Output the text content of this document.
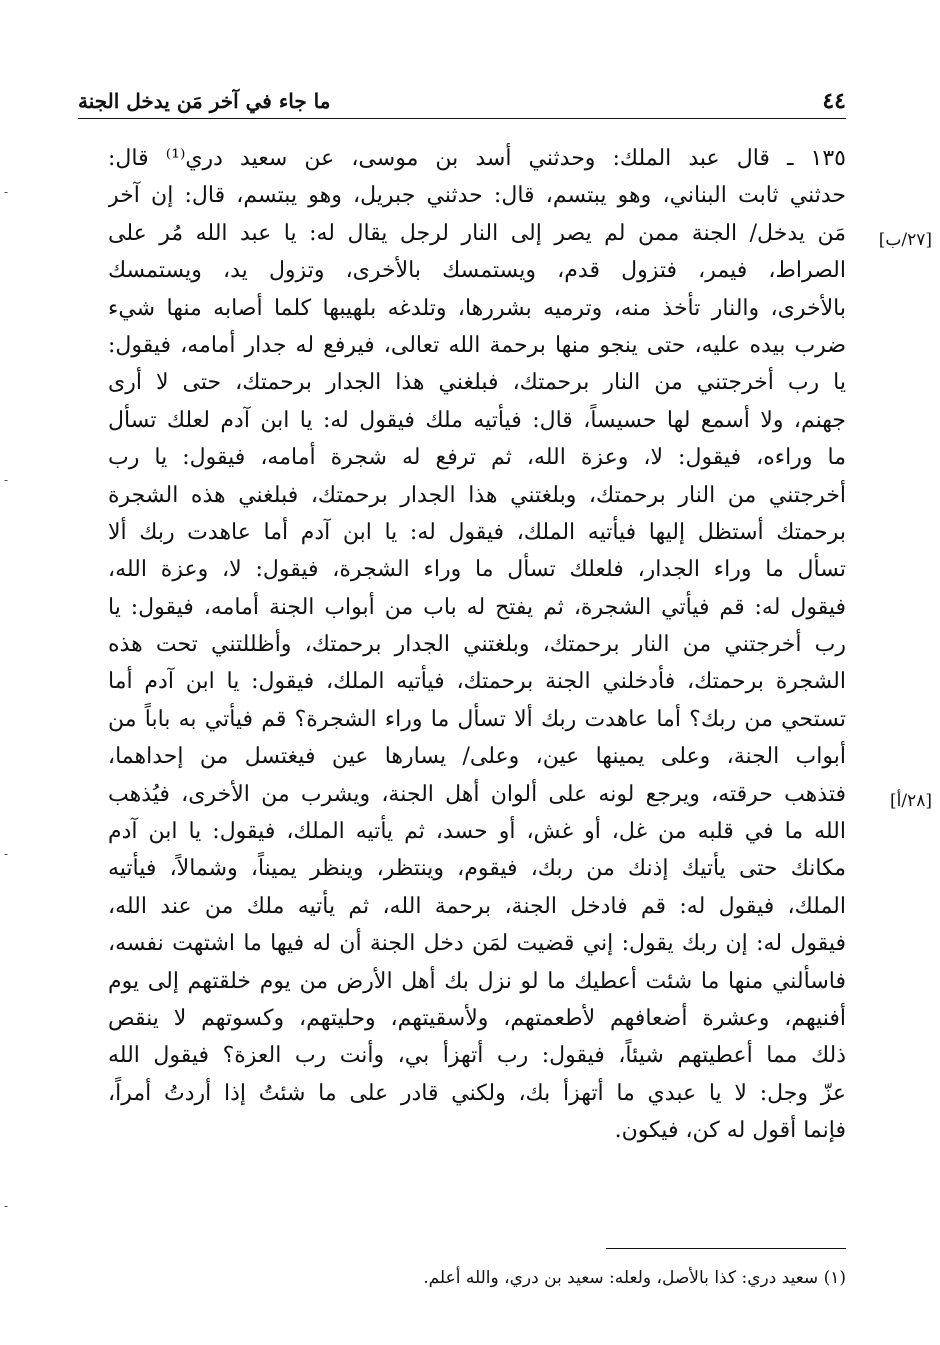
٤٤
ما جاء في آخر مَن يدخل الجنة
١٣٥ ـ قال عبد الملك: وحدثني أسد بن موسى، عن سعيد دري⁽¹⁾ قال:
حدثني ثابت البناني، وهو يبتسم، قال: حدثني جبريل، وهو يبتسم، قال: إن آخر
مَن يدخل/ الجنة ممن لم يصر إلى النار لرجل يقال له: يا عبد الله مُر على
الصراط، فيمر، فتزول قدم، ويستمسك بالأخرى، وتزول يد، ويستمسك
بالأخرى، والنار تأخذ منه، وترميه بشررها، وتلدغه بلهيبها كلما أصابه منها شيء
ضرب بيده عليه، حتى ينجو منها برحمة الله تعالى، فيرفع له جدار أمامه، فيقول:
يا رب أخرجتني من النار برحمتك، فبلغني هذا الجدار برحمتك، حتى لا أرى
جهنم، ولا أسمع لها حسيساً، قال: فيأتيه ملك فيقول له: يا ابن آدم لعلك تسأل
ما وراءه، فيقول: لا، وعزة الله، ثم ترفع له شجرة أمامه، فيقول: يا رب
أخرجتني من النار برحمتك، وبلغتني هذا الجدار برحمتك، فبلغني هذه الشجرة
برحمتك أستظل إليها فيأتيه الملك، فيقول له: يا ابن آدم أما عاهدت ربك ألا
تسأل ما وراء الجدار، فلعلك تسأل ما وراء الشجرة، فيقول: لا، وعزة الله،
فيقول له: قم فيأتي الشجرة، ثم يفتح له باب من أبواب الجنة أمامه، فيقول: يا
رب أخرجتني من النار برحمتك، وبلغتني الجدار برحمتك، وأظللتني تحت هذه
الشجرة برحمتك، فأدخلني الجنة برحمتك، فيأتيه الملك، فيقول: يا ابن آدم أما
تستحي من ربك؟ أما عاهدت ربك ألا تسأل ما وراء الشجرة؟ قم فيأتي به باباً من
أبواب الجنة، وعلى يمينها عين، وعلى/ يسارها عين فيغتسل من إحداهما،
فتذهب حرقته، ويرجع لونه على ألوان أهل الجنة، ويشرب من الأخرى، فيُذهب
الله ما في قلبه من غل، أو غش، أو حسد، ثم يأتيه الملك، فيقول: يا ابن آدم
مكانك حتى يأتيك إذنك من ربك، فيقوم، وينتظر، وينظر يميناً، وشمالاً، فيأتيه
الملك، فيقول له: قم فادخل الجنة، برحمة الله، ثم يأتيه ملك من عند الله،
فيقول له: إن ربك يقول: إني قضيت لمَن دخل الجنة أن له فيها ما اشتهت نفسه،
فاسألني منها ما شئت أعطيك ما لو نزل بك أهل الأرض من يوم خلقتهم إلى يوم
أفنيهم، وعشرة أضعافهم لأطعمتهم، ولأسقيتهم، وحليتهم، وكسوتهم لا ينقص
ذلك مما أعطيتهم شيئاً، فيقول: رب أتهزأ بي، وأنت رب العزة؟ فيقول الله
عزّ وجل: لا يا عبدي ما أتهزأ بك، ولكني قادر على ما شئتُ إذا أردتُ أمراً،
فإنما أقول له كن، فيكون.
[٢٧/ب]
[٢٨/أ]
(١) سعيد دري: كذا بالأصل، ولعله: سعيد بن دري، والله أعلم.
-
-
-
-
